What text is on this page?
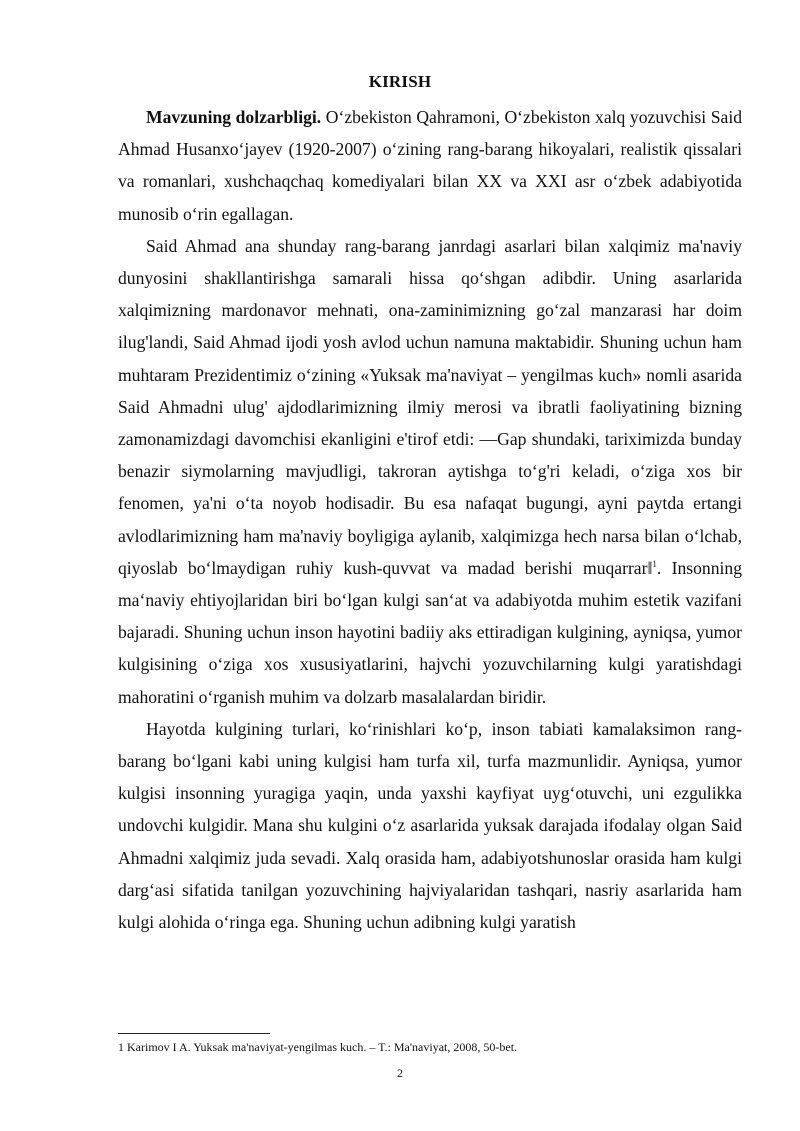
KIRISH

Mavzuning dolzarbligi. O‘zbekiston Qahramoni, O‘zbekiston xalq yozuvchisi Said Ahmad Husanxo‘jayev (1920-2007) o‘zining rang-barang hikoyalari, realistik qissalari va romanlari, xushchaqchaq komediyalari bilan XX va XXI asr o‘zbek adabiyotida munosib o‘rin egallagan.

Said Ahmad ana shunday rang-barang janrdagi asarlari bilan xalqimiz ma'naviy dunyosini shakllantirishga samarali hissa qo‘shgan adibdir. Uning asarlarida xalqimizning mardonavor mehnati, ona-zaminimizning go‘zal manzarasi har doim ilug'landi, Said Ahmad ijodi yosh avlod uchun namuna maktabidir. Shuning uchun ham muhtaram Prezidentimiz o‘zining «Yuksak ma'naviyat – yengilmas kuch» nomli asarida Said Ahmadni ulug' ajdodlarimizning ilmiy merosi va ibratli faoliyatining bizning zamonamizdagi davomchisi ekanligini e'tirof etdi: ―Gap shundaki, tariximizda bunday benazir siymolarning mavjudligi, takroran aytishga to‘g'ri keladi, o‘ziga xos bir fenomen, ya'ni o‘ta noyob hodisadir. Bu esa nafaqat bugungi, ayni paytda ertangi avlodlarimizning ham ma'naviy boyligiga aylanib, xalqimizga hech narsa bilan o‘lchab, qiyoslab bo‘lmaydigan ruhiy kush-quvvat va madad berishi muqarrar‖$^1$. Insonning ma‘naviy ehtiyojlaridan biri bo‘lgan kulgi san‘at va adabiyotda muhim estetik vazifani bajaradi. Shuning uchun inson hayotini badiiy aks ettiradigan kulgining, ayniqsa, yumor kulgisining o‘ziga xos xususiyatlarini, hajvchi yozuvchilarning kulgi yaratishdagi mahoratini o‘rganish muhim va dolzarb masalalardan biridir.

Hayotda kulgining turlari, ko‘rinishlari ko‘p, inson tabiati kamalaksimon rang-barang bo‘lgani kabi uning kulgisi ham turfa xil, turfa mazmunlidir. Ayniqsa, yumor kulgisi insonning yuragiga yaqin, unda yaxshi kayfiyat uyg‘otuvchi, uni ezgulikka undovchi kulgidir. Mana shu kulgini o‘z asarlarida yuksak darajada ifodalay olgan Said Ahmadni xalqimiz juda sevadi. Xalq orasida ham, adabiyotshunoslar orasida ham kulgi darg‘asi sifatida tanilgan yozuvchining hajviyalaridan tashqari, nasriy asarlarida ham kulgi alohida o‘ringa ega. Shuning uchun adibning kulgi yaratish

1 Karimov I A. Yuksak ma'naviyat-yengilmas kuch. – T.: Ma'naviyat, 2008, 50-bet.
2
